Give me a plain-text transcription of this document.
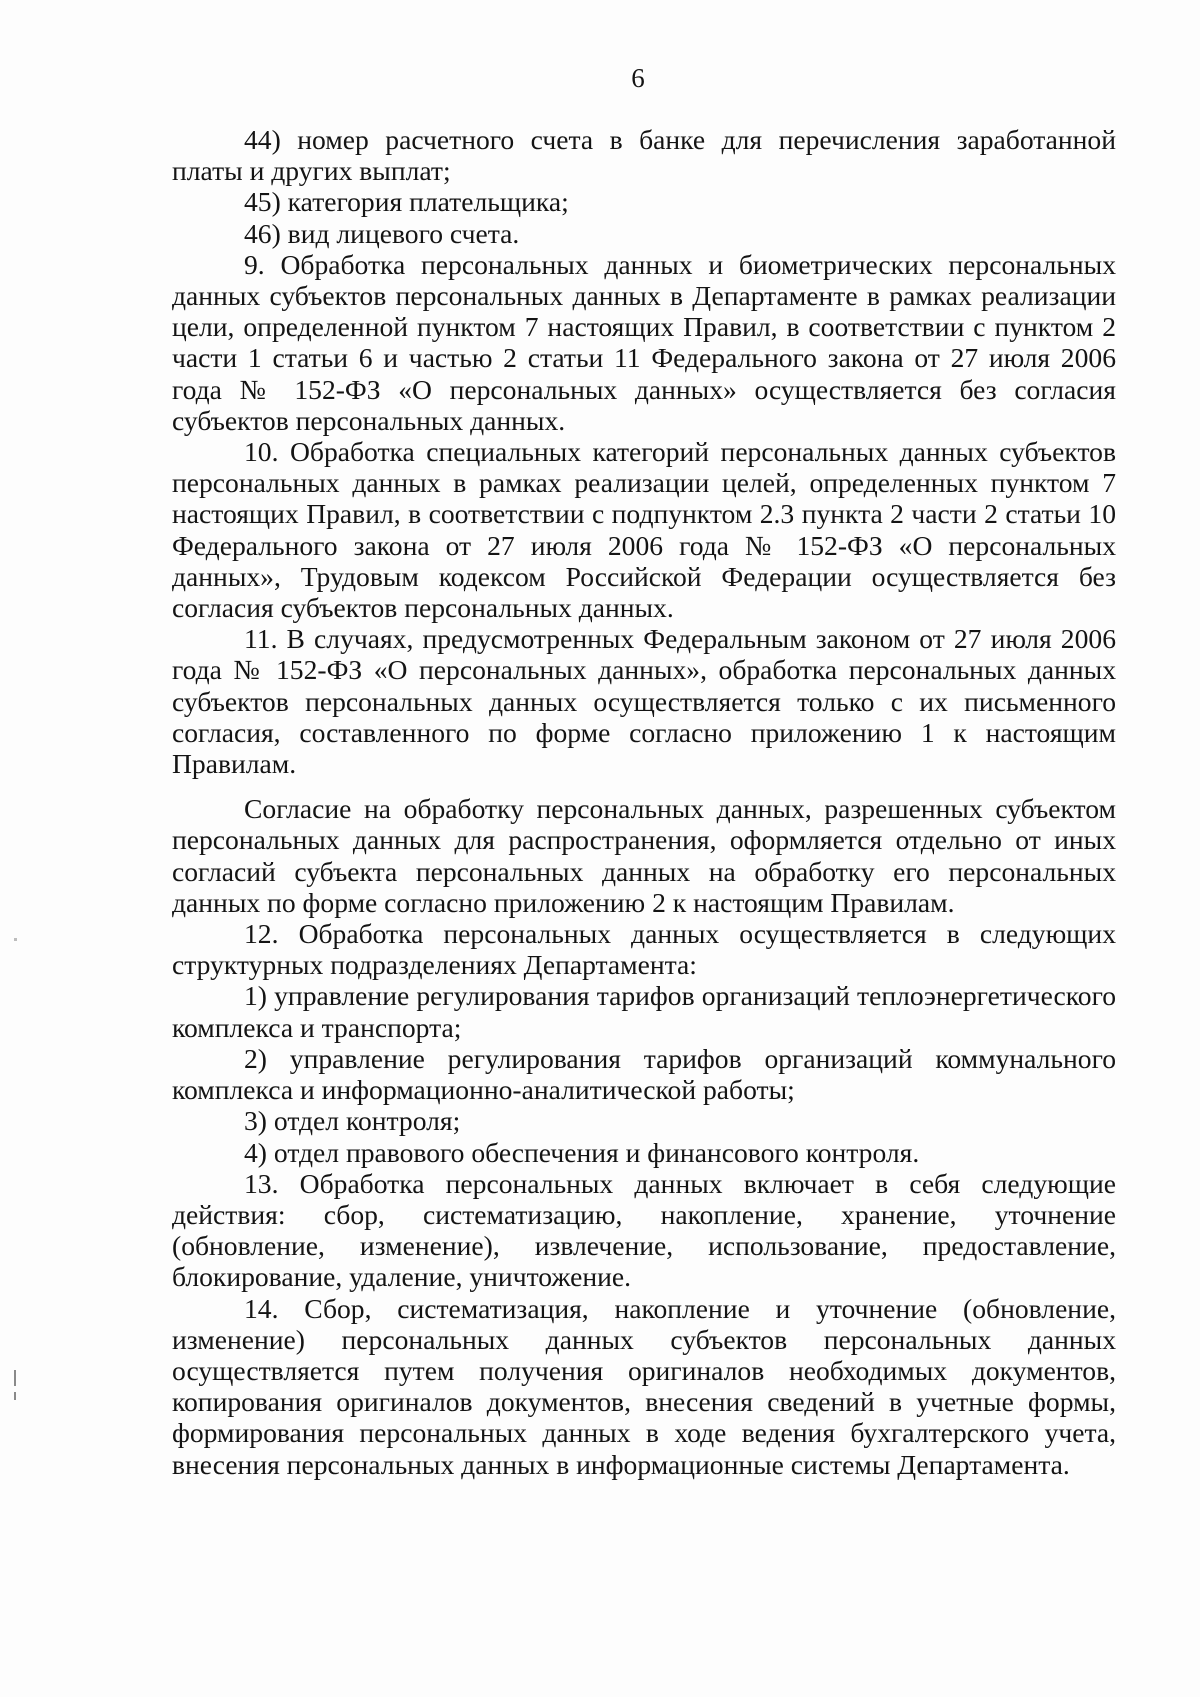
6

44) номер расчетного счета в банке для перечисления заработанной платы и других выплат;

45) категория плательщика;

46) вид лицевого счета.

9. Обработка персональных данных и биометрических персональных данных субъектов персональных данных в Департаменте в рамках реализации цели, определенной пунктом 7 настоящих Правил, в соответствии с пунктом 2 части 1 статьи 6 и частью 2 статьи 11 Федерального закона от 27 июля 2006 года № 152-ФЗ «О персональных данных» осуществляется без согласия субъектов персональных данных.

10. Обработка специальных категорий персональных данных субъектов персональных данных в рамках реализации целей, определенных пунктом 7 настоящих Правил, в соответствии с подпунктом 2.3 пункта 2 части 2 статьи 10 Федерального закона от 27 июля 2006 года № 152-ФЗ «О персональных данных», Трудовым кодексом Российской Федерации осуществляется без согласия субъектов персональных данных.

11. В случаях, предусмотренных Федеральным законом от 27 июля 2006 года № 152-ФЗ «О персональных данных», обработка персональных данных субъектов персональных данных осуществляется только с их письменного согласия, составленного по форме согласно приложению 1 к настоящим Правилам.

Согласие на обработку персональных данных, разрешенных субъектом персональных данных для распространения, оформляется отдельно от иных согласий субъекта персональных данных на обработку его персональных данных по форме согласно приложению 2 к настоящим Правилам.

12. Обработка персональных данных осуществляется в следующих структурных подразделениях Департамента:

1) управление регулирования тарифов организаций теплоэнергетического комплекса и транспорта;

2) управление регулирования тарифов организаций коммунального комплекса и информационно-аналитической работы;

3) отдел контроля;

4) отдел правового обеспечения и финансового контроля.

13. Обработка персональных данных включает в себя следующие действия: сбор, систематизацию, накопление, хранение, уточнение (обновление, изменение), извлечение, использование, предоставление, блокирование, удаление, уничтожение.

14. Сбор, систематизация, накопление и уточнение (обновление, изменение) персональных данных субъектов персональных данных осуществляется путем получения оригиналов необходимых документов, копирования оригиналов документов, внесения сведений в учетные формы, формирования персональных данных в ходе ведения бухгалтерского учета, внесения персональных данных в информационные системы Департамента.
